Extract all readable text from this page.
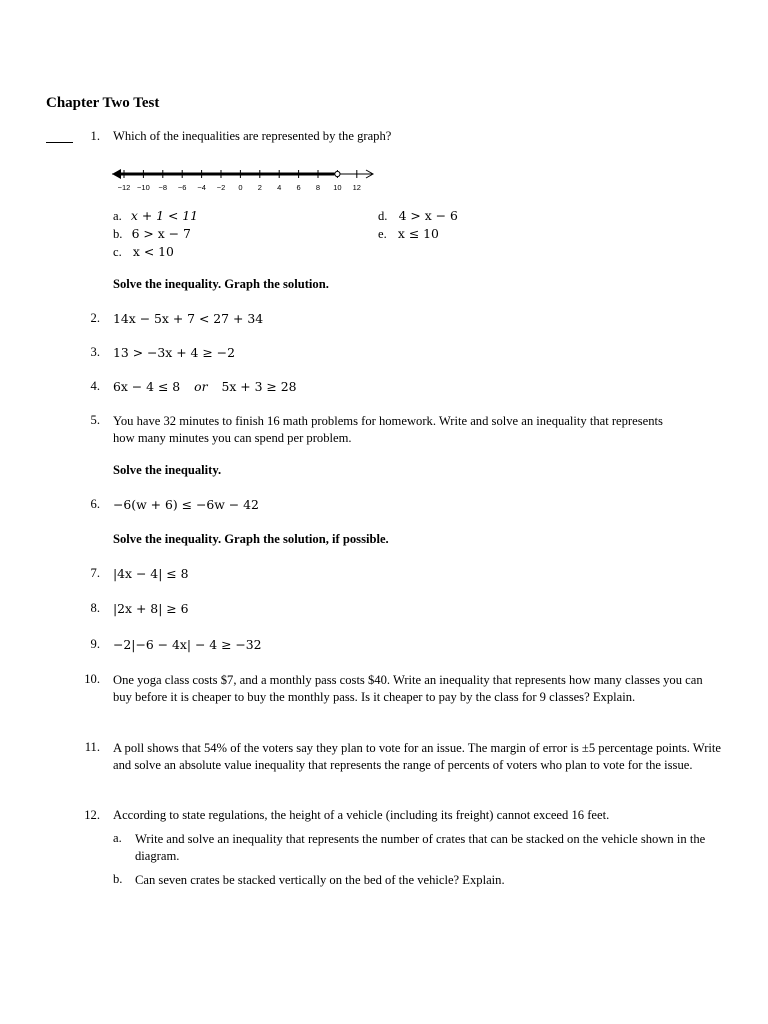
Chapter Two Test
1. Which of the inequalities are represented by the graph?
−12 −10 −8 −6 −4 −2 0 2 4 6 8 10 12
a. x + 1 < 11
b. 6 > x − 7
c. x < 10
d. 4 > x − 6
e. x ≤ 10
Solve the inequality. Graph the solution.
2. 14x − 5x + 7 < 27 + 34
3. 13 > −3x + 4 ≥ −2
4. 6x − 4 ≤ 8 or 5x + 3 ≥ 28
5. You have 32 minutes to finish 16 math problems for homework. Write and solve an inequality that represents how many minutes you can spend per problem.
Solve the inequality.
6. −6(w + 6) ≤ −6w − 42
Solve the inequality. Graph the solution, if possible.
7. |4x − 4| ≤ 8
8. |2x + 8| ≥ 6
9. −2|−6 − 4x| − 4 ≥ −32
10. One yoga class costs $7, and a monthly pass costs $40. Write an inequality that represents how many classes you can buy before it is cheaper to buy the monthly pass. Is it cheaper to pay by the class for 9 classes? Explain.
11. A poll shows that 54% of the voters say they plan to vote for an issue. The margin of error is ±5 percentage points. Write and solve an absolute value inequality that represents the range of percents of voters who plan to vote for the issue.
12. According to state regulations, the height of a vehicle (including its freight) cannot exceed 16 feet.
a. Write and solve an inequality that represents the number of crates that can be stacked on the vehicle shown in the diagram.
b. Can seven crates be stacked vertically on the bed of the vehicle? Explain.
